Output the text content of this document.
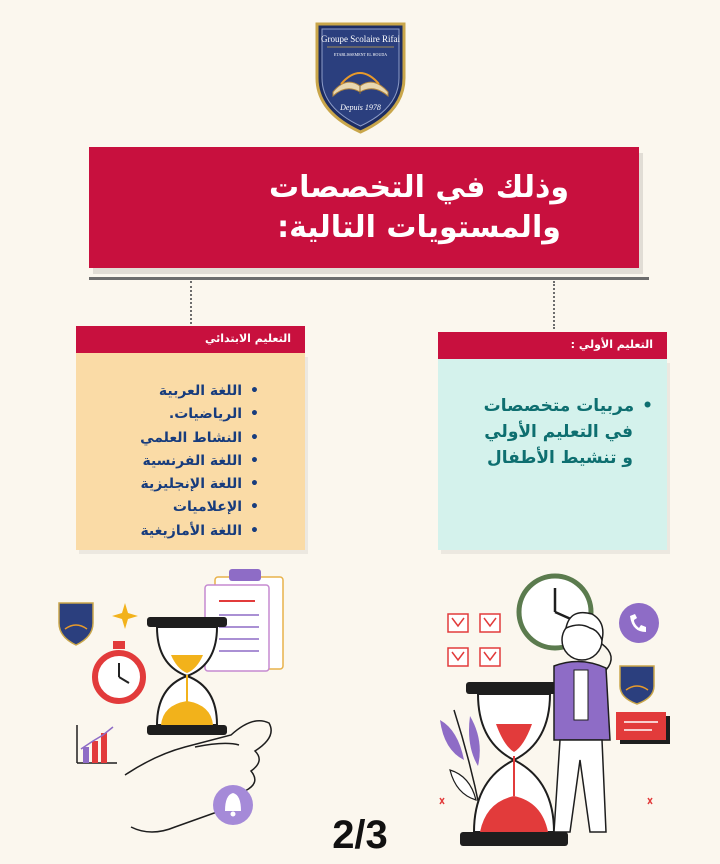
Groupe Scolaire Rifai
ETABLISSEMENT EL HOUDA
Depuis 1978
وذلك في التخصصات
والمستويات التالية:
التعليم الابتدائي
•
اللغة العربية
•
الرياضيات.
•
النشاط العلمي
•
اللغة الفرنسية
•
اللغة الإنجليزية
•
الإعلاميات
•
اللغة الأمازيغية
التعليم الأولي :
•مربيات متخصصات
في التعليم الأولي
و تنشيط الأطفال
2/3
